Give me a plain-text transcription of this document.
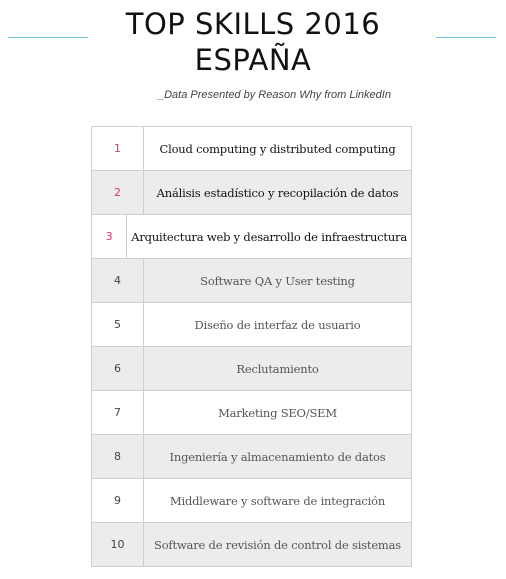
TOP SKILLS 2016
ESPAÑA
_Data Presented by Reason Why from LinkedIn
1	Cloud computing y distributed computing
2	Análisis estadístico y recopilación de datos
3	Arquitectura web y desarrollo de infraestructura
4	Software QA y User testing
5	Diseño de interfaz de usuario
6	Reclutamiento
7	Marketing SEO/SEM
8	Ingeniería y almacenamiento de datos
9	Middleware y software de integración
10	Software de revisión de control de sistemas
